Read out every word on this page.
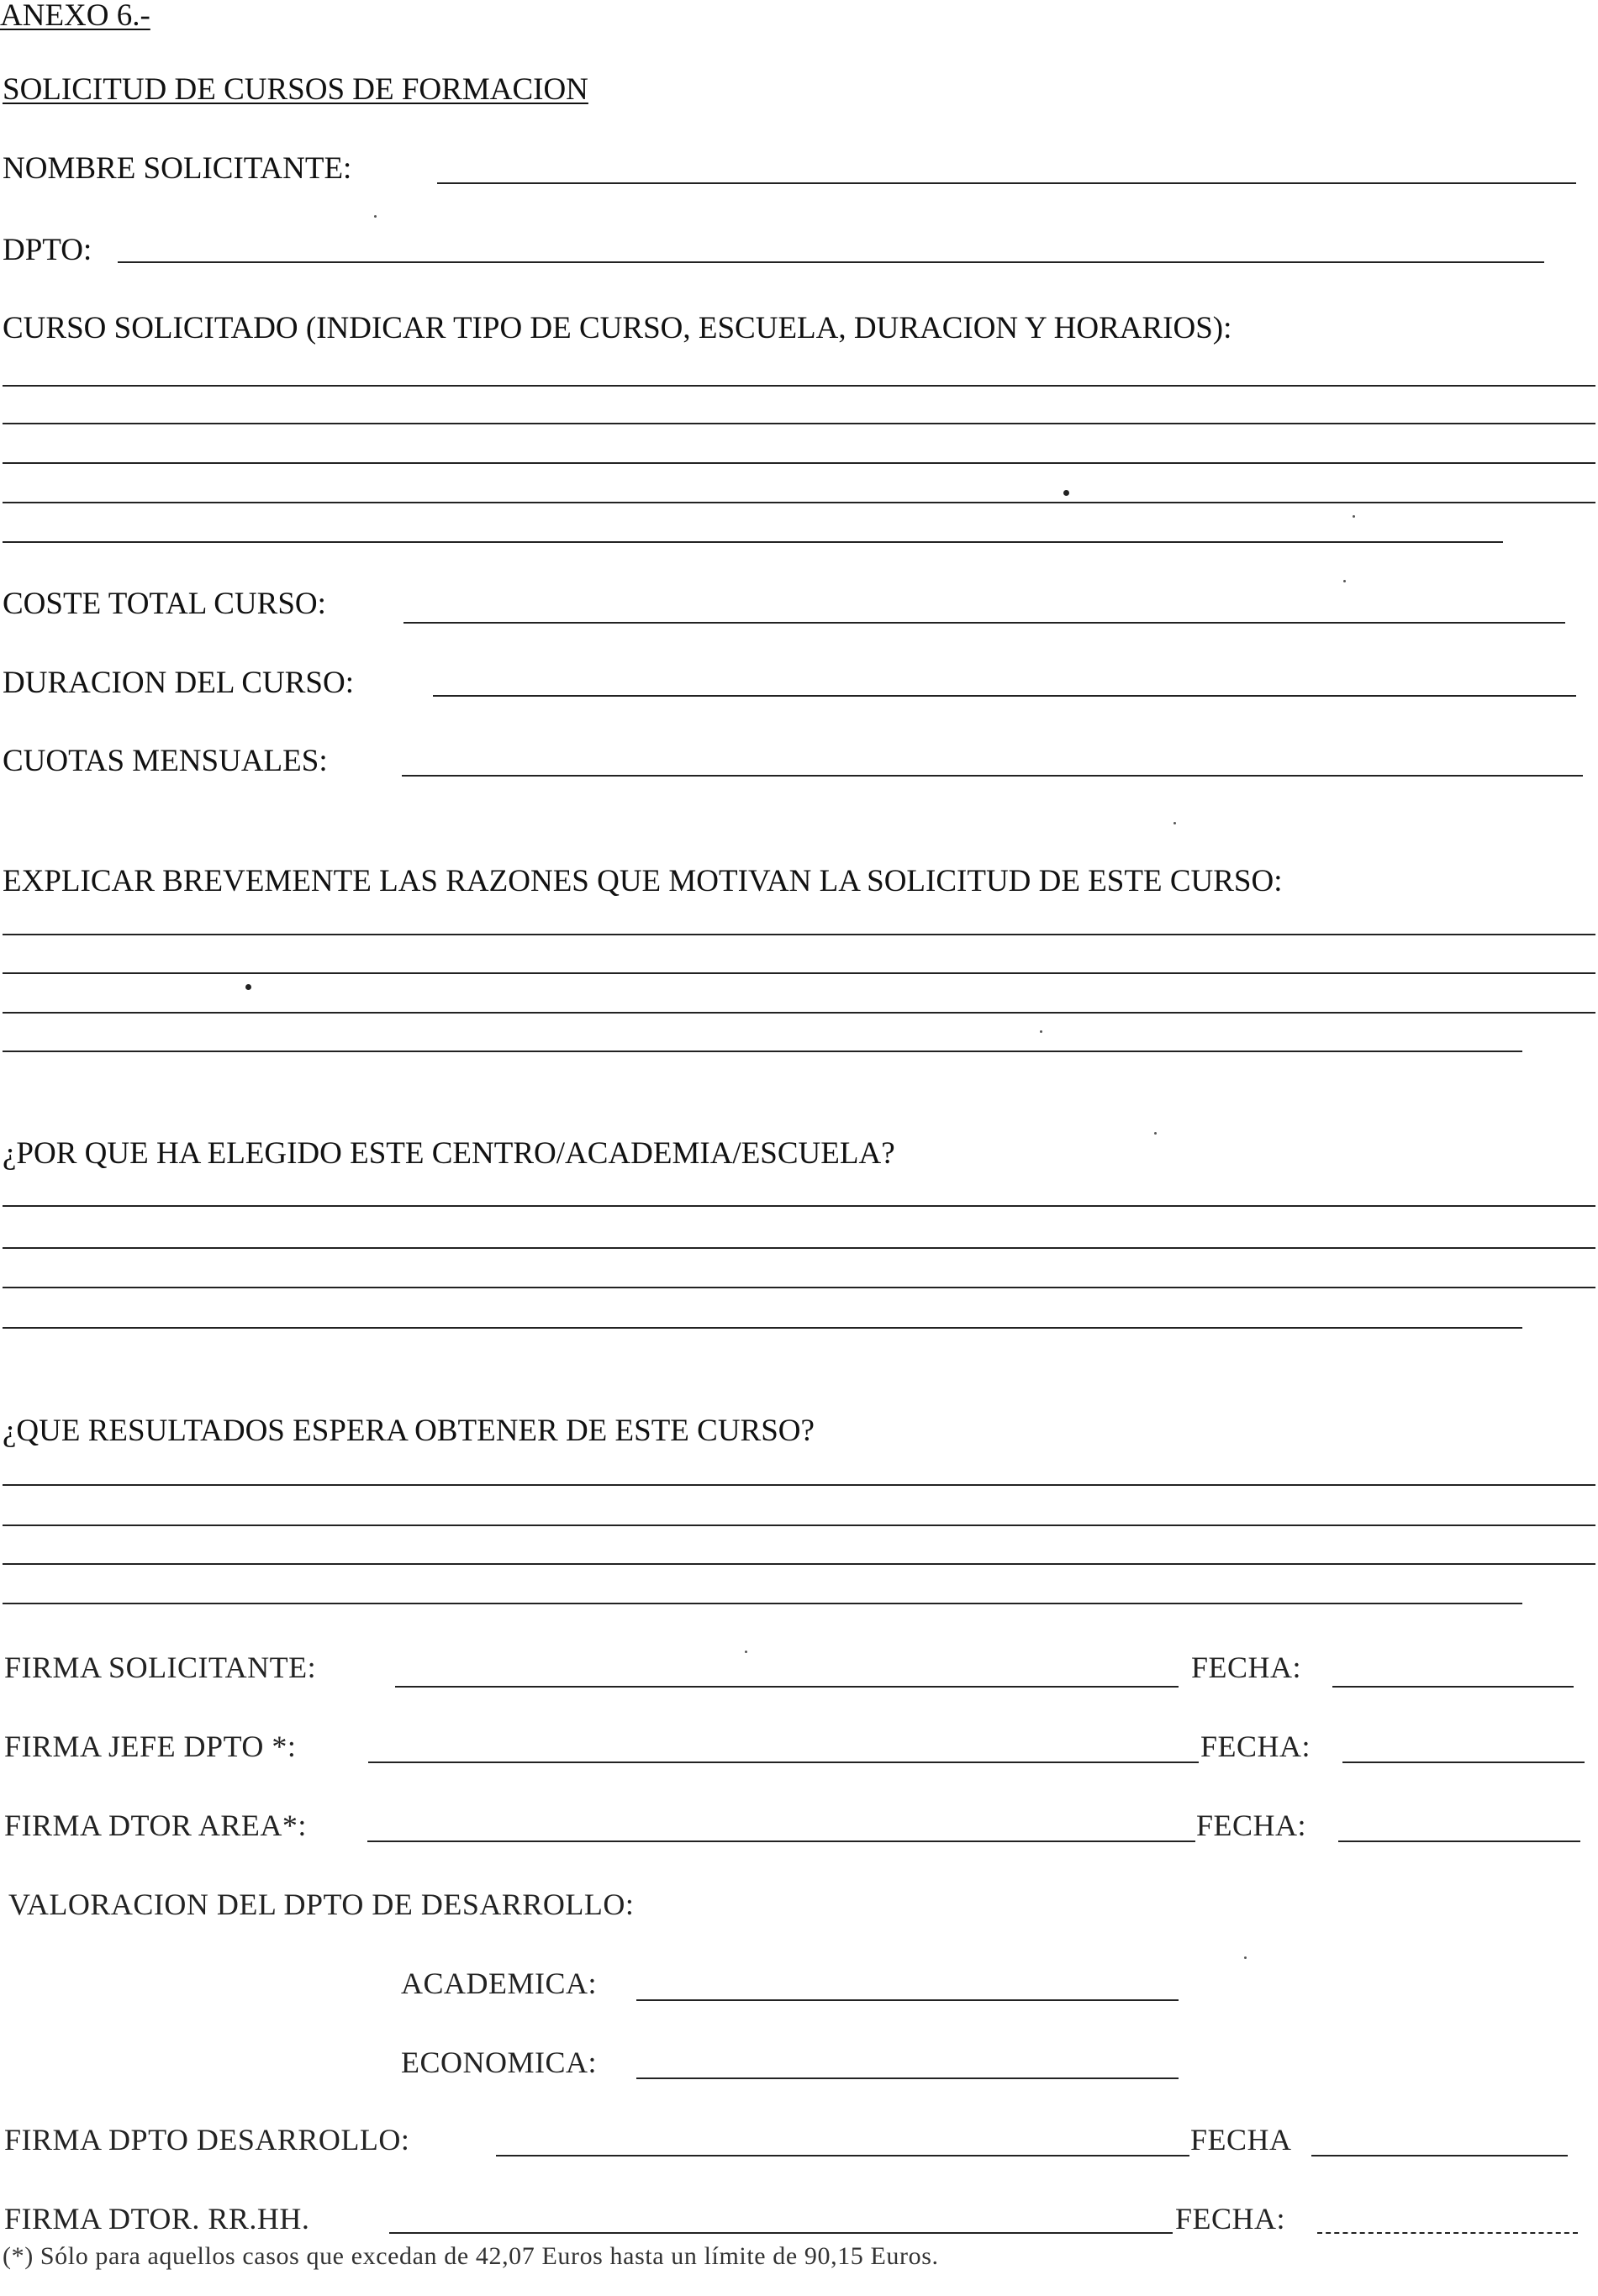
ANEXO 6.-
SOLICITUD DE CURSOS DE FORMACION
NOMBRE SOLICITANTE:
DPTO:
CURSO SOLICITADO (INDICAR TIPO DE CURSO, ESCUELA, DURACION Y HORARIOS):
COSTE TOTAL CURSO:
DURACION DEL CURSO:
CUOTAS MENSUALES:
EXPLICAR BREVEMENTE LAS RAZONES QUE MOTIVAN LA SOLICITUD DE ESTE CURSO:
¿POR QUE HA ELEGIDO ESTE CENTRO/ACADEMIA/ESCUELA?
¿QUE RESULTADOS ESPERA OBTENER DE ESTE CURSO?
FIRMA SOLICITANTE:	FECHA:
FIRMA JEFE DPTO *:	FECHA:
FIRMA DTOR AREA*:	FECHA:
VALORACION DEL DPTO DE DESARROLLO:
ACADEMICA:
ECONOMICA:
FIRMA DPTO DESARROLLO:	FECHA
FIRMA DTOR. RR.HH.	FECHA:
(*) Sólo para aquellos casos que excedan de 42,07 Euros hasta un límite de 90,15 Euros.
